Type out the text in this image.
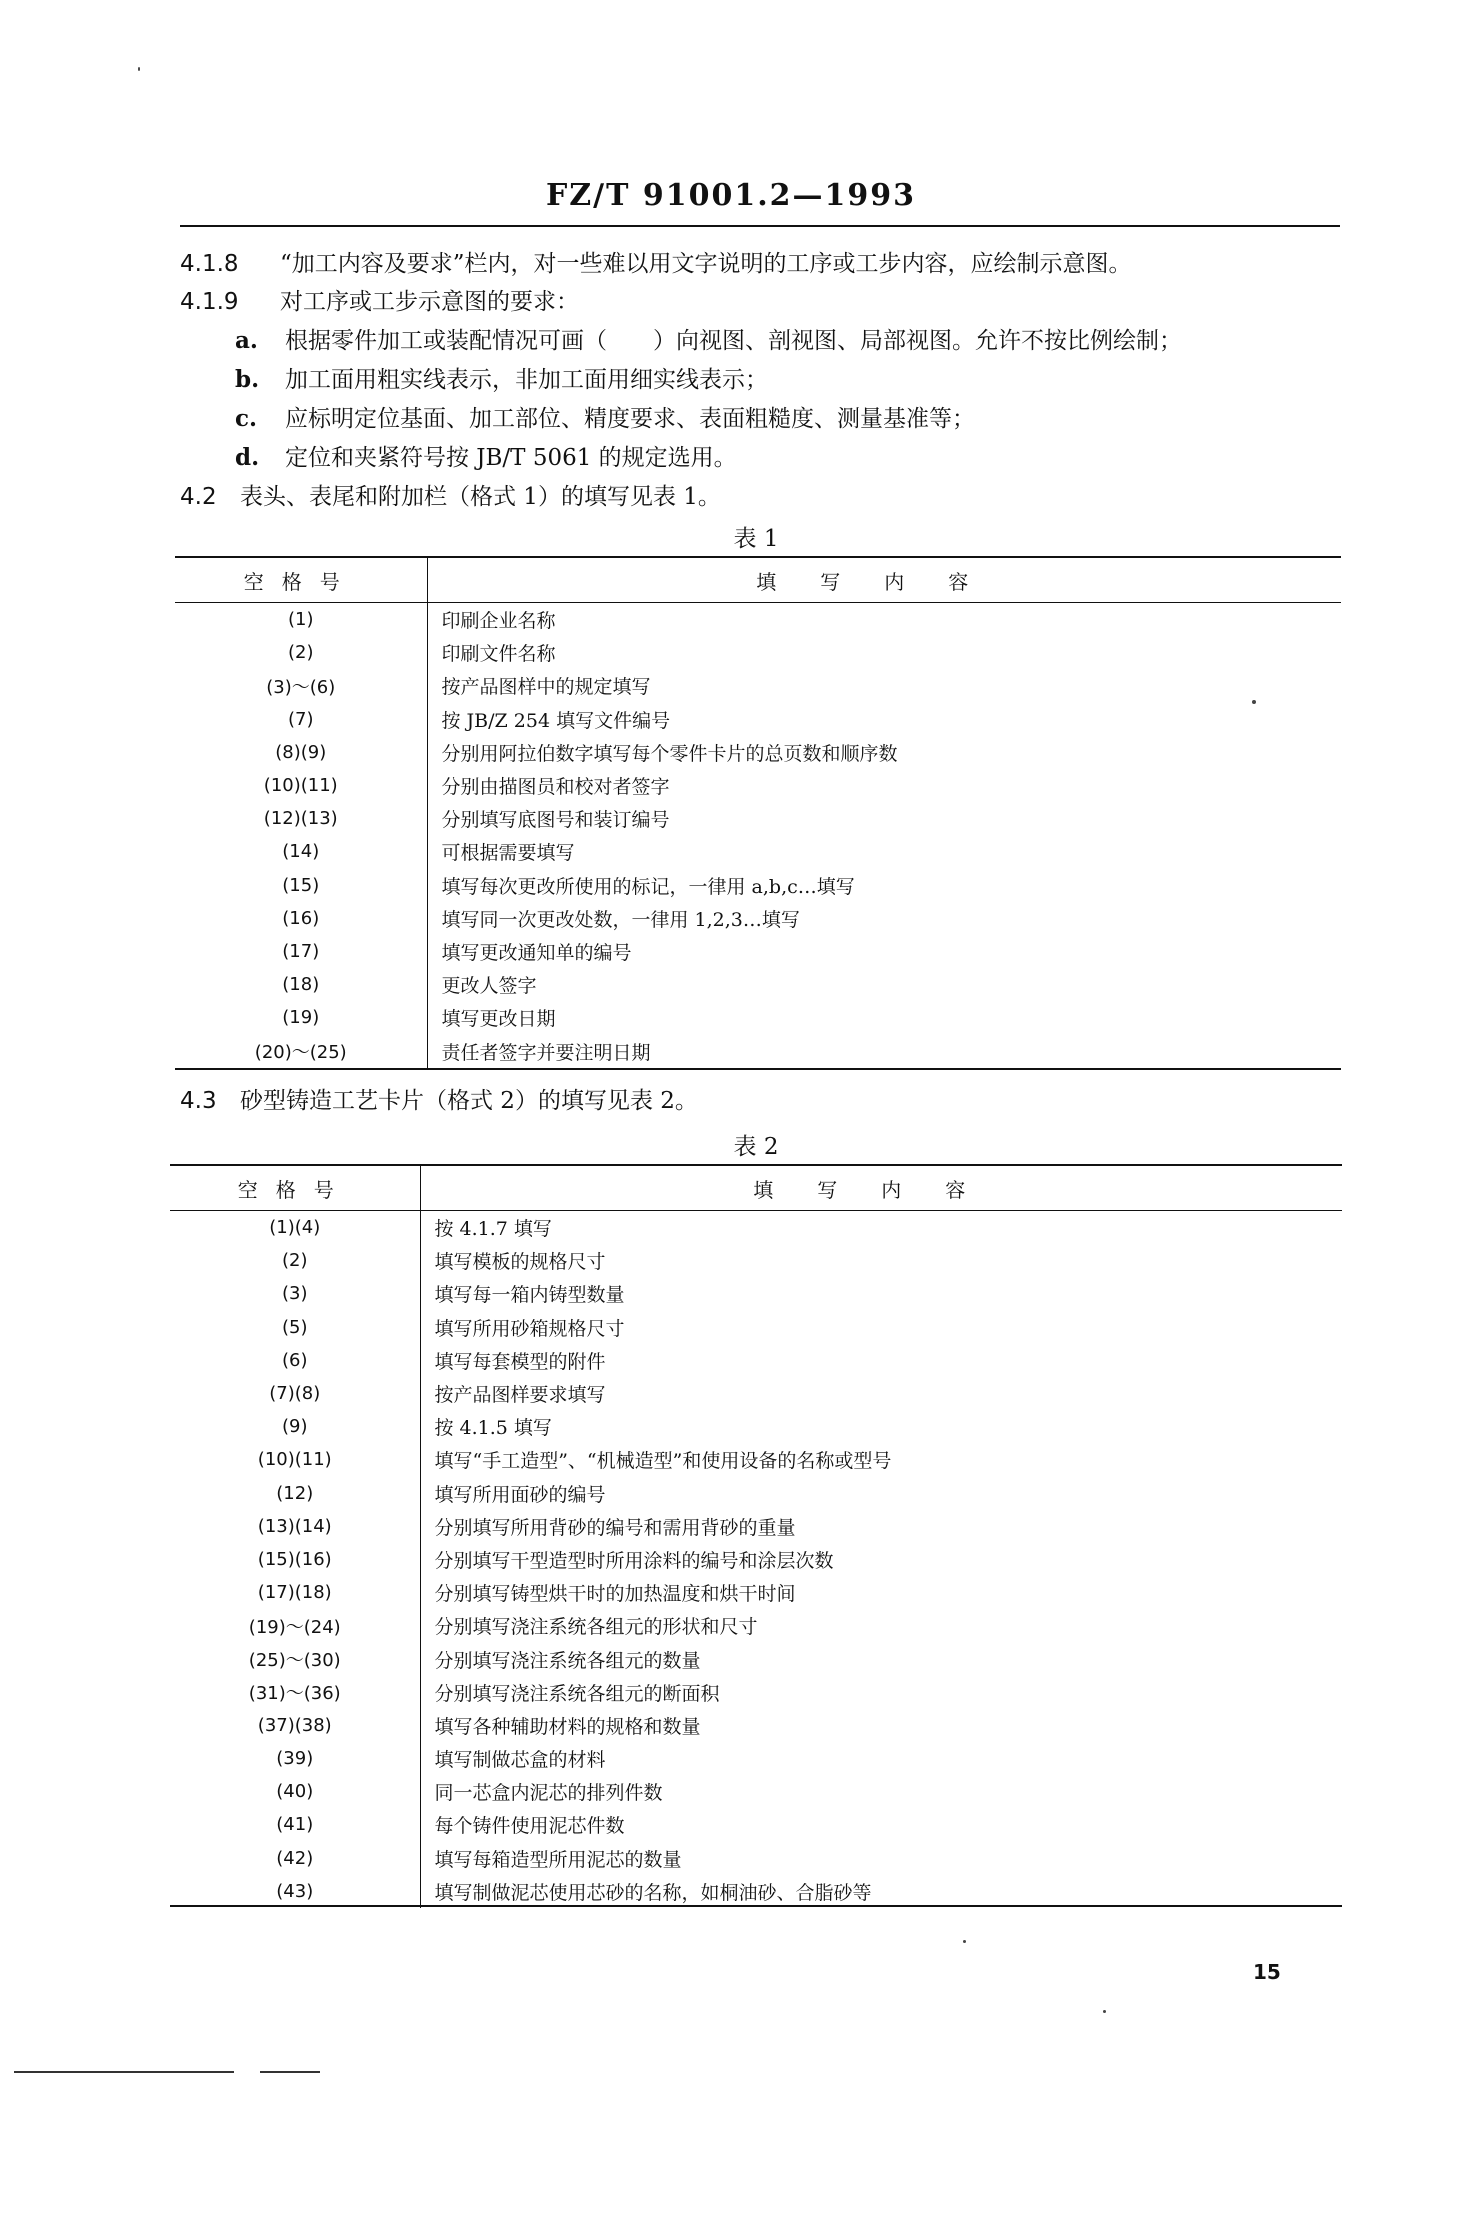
FZ/T 91001.2—1993
4.1.8 “加工内容及要求”栏内，对一些难以用文字说明的工序或工步内容，应绘制示意图。
4.1.9 对工序或工步示意图的要求：
a. 根据零件加工或装配情况可画（　　）向视图、剖视图、局部视图。允许不按比例绘制；
b. 加工面用粗实线表示，非加工面用细实线表示；
c. 应标明定位基面、加工部位、精度要求、表面粗糙度、测量基准等；
d. 定位和夹紧符号按 JB/T 5061 的规定选用。
4.2 表头、表尾和附加栏（格式 1）的填写见表 1。
表 1
空格号	填写内容
(1)	印刷企业名称
(2)	印刷文件名称
(3)～(6)	按产品图样中的规定填写
(7)	按 JB/Z 254 填写文件编号
(8)(9)	分别用阿拉伯数字填写每个零件卡片的总页数和顺序数
(10)(11)	分别由描图员和校对者签字
(12)(13)	分别填写底图号和装订编号
(14)	可根据需要填写
(15)	填写每次更改所使用的标记，一律用 a,b,c…填写
(16)	填写同一次更改处数，一律用 1,2,3…填写
(17)	填写更改通知单的编号
(18)	更改人签字
(19)	填写更改日期
(20)～(25)	责任者签字并要注明日期
4.3 砂型铸造工艺卡片（格式 2）的填写见表 2。
表 2
空格号	填写内容
(1)(4)	按 4.1.7 填写
(2)	填写模板的规格尺寸
(3)	填写每一箱内铸型数量
(5)	填写所用砂箱规格尺寸
(6)	填写每套模型的附件
(7)(8)	按产品图样要求填写
(9)	按 4.1.5 填写
(10)(11)	填写“手工造型”、“机械造型”和使用设备的名称或型号
(12)	填写所用面砂的编号
(13)(14)	分别填写所用背砂的编号和需用背砂的重量
(15)(16)	分别填写干型造型时所用涂料的编号和涂层次数
(17)(18)	分别填写铸型烘干时的加热温度和烘干时间
(19)～(24)	分别填写浇注系统各组元的形状和尺寸
(25)～(30)	分别填写浇注系统各组元的数量
(31)～(36)	分别填写浇注系统各组元的断面积
(37)(38)	填写各种辅助材料的规格和数量
(39)	填写制做芯盒的材料
(40)	同一芯盒内泥芯的排列件数
(41)	每个铸件使用泥芯件数
(42)	填写每箱造型所用泥芯的数量
(43)	填写制做泥芯使用芯砂的名称，如桐油砂、合脂砂等
15
